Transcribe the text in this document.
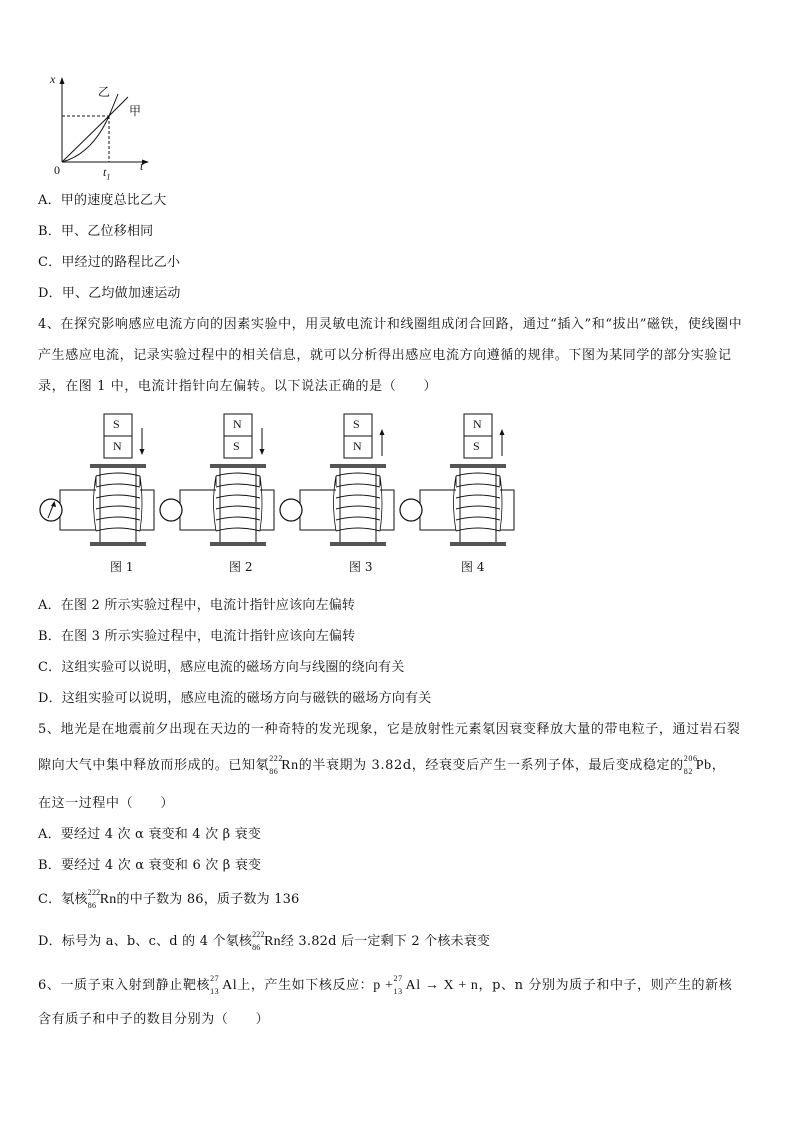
x
t
0	$t_1$
乙
甲
A．甲的速度总比乙大
B．甲、乙位移相同
C．甲经过的路程比乙小
D．甲、乙均做加速运动
4、在探究影响感应电流方向的因素实验中，用灵敏电流计和线圈组成闭合回路，通过“插入”和“拔出”磁铁，使线圈中
产生感应电流，记录实验过程中的相关信息，就可以分析得出感应电流方向遵循的规律。下图为某同学的部分实验记
录，在图 1 中，电流计指针向左偏转。以下说法正确的是（　　）
S
N
N
S
S
N
N
S
图 1	图 2	图 3	图 4
A．在图 2 所示实验过程中，电流计指针应该向左偏转
B．在图 3 所示实验过程中，电流计指针应该向左偏转
C．这组实验可以说明，感应电流的磁场方向与线圈的绕向有关
D．这组实验可以说明，感应电流的磁场方向与磁铁的磁场方向有关
5、地光是在地震前夕出现在天边的一种奇特的发光现象，它是放射性元素氡因衰变释放大量的带电粒子，通过岩石裂
隙向大气中集中释放而形成的。已知氡 222
86 Rn的半衰期为 3.82d，经衰变后产生一系列子体，最后变成稳定的 206
82 Pb，
在这一过程中（　　）
A．要经过 4 次 α 衰变和 4 次 β 衰变
B．要经过 4 次 α 衰变和 6 次 β 衰变
C．氡核 222
86 Rn的中子数为 86，质子数为 136
D．标号为 a、b、c、d 的 4 个氡核 222
86 Rn经 3.82d 后一定剩下 2 个核未衰变
6、一质子束入射到静止靶核 27
13 Al上，产生如下核反应：p + 27
13 Al → X + n，p、n 分别为质子和中子，则产生的新核
含有质子和中子的数目分别为（　　）
